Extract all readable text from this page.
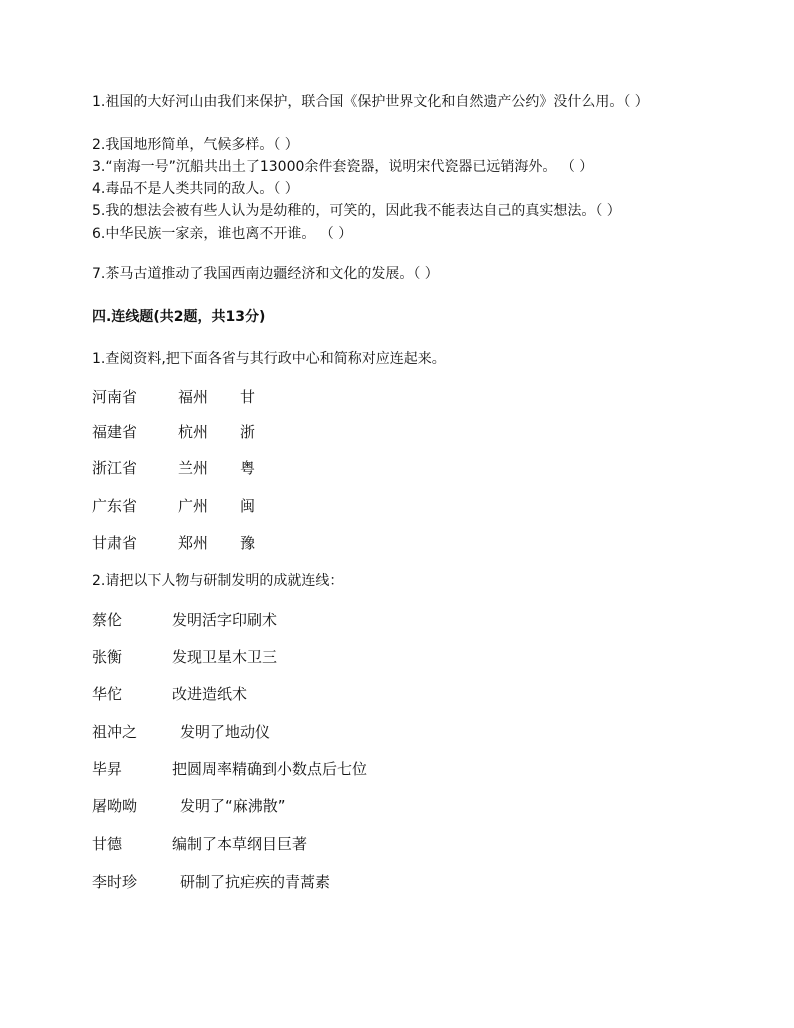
1.祖国的大好河山由我们来保护，联合国《保护世界文化和自然遗产公约》没什么用。（ ）
2.我国地形简单，气候多样。（ ）
3.“南海一号”沉船共出土了13000余件套瓷器，说明宋代瓷器已远销海外。 （ ）
4.毒品不是人类共同的敌人。（ ）
5.我的想法会被有些人认为是幼稚的，可笑的，因此我不能表达自己的真实想法。（ ）
6.中华民族一家亲，谁也离不开谁。 （ ）
7.茶马古道推动了我国西南边疆经济和文化的发展。（ ）
四.连线题(共2题，共13分)
1.查阅资料,把下面各省与其行政中心和简称对应连起来。
河南省	福州 甘
福建省	杭州 浙
浙江省	兰州 粤
广东省	广州 闽
甘肃省	郑州 豫
2.请把以下人物与研制发明的成就连线：
蔡伦	发明活字印刷术
张衡	发现卫星木卫三
华佗	改进造纸术
祖冲之	发明了地动仪
毕昇	把圆周率精确到小数点后七位
屠呦呦	发明了“麻沸散”
甘德	编制了本草纲目巨著
李时珍	研制了抗疟疾的青蒿素
